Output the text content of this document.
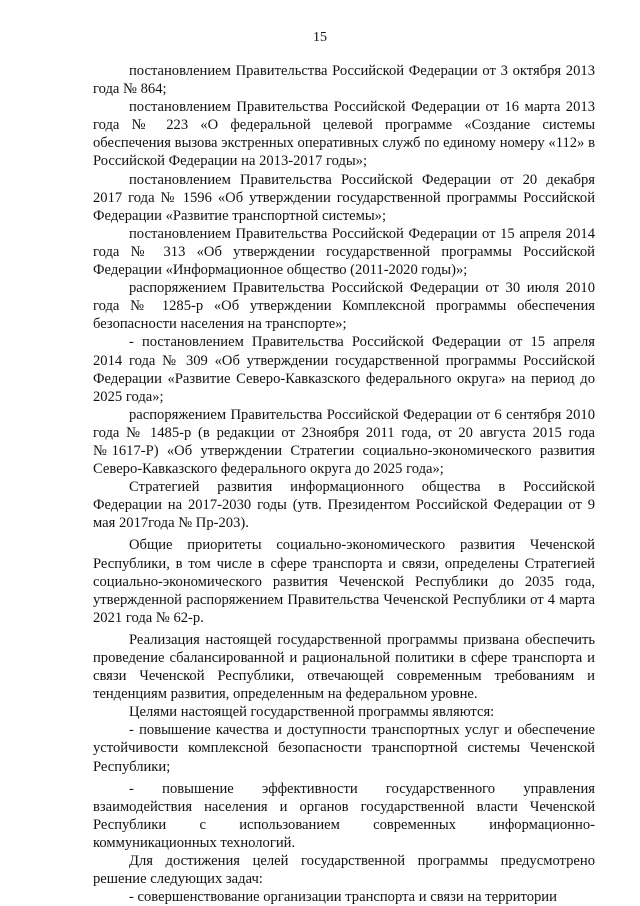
15

постановлением Правительства Российской Федерации от 3 октября 2013 года № 864;

постановлением Правительства Российской Федерации от 16 марта 2013 года № 223 «О федеральной целевой программе «Создание системы обеспечения вызова экстренных оперативных служб по единому номеру «112» в Российской Федерации на 2013-2017 годы»;

постановлением Правительства Российской Федерации от 20 декабря 2017 года № 1596 «Об утверждении государственной программы Российской Федерации «Развитие транспортной системы»;

постановлением Правительства Российской Федерации от 15 апреля 2014 года № 313 «Об утверждении государственной программы Российской Федерации «Информационное общество (2011-2020 годы)»;

распоряжением Правительства Российской Федерации от 30 июля 2010 года № 1285-р «Об утверждении Комплексной программы обеспечения безопасности населения на транспорте»;

- постановлением Правительства Российской Федерации от 15 апреля 2014 года № 309 «Об утверждении государственной программы Российской Федерации «Развитие Северо-Кавказского федерального округа» на период до 2025 года»;

распоряжением Правительства Российской Федерации от 6 сентября 2010 года № 1485-р (в редакции от 23ноября 2011 года, от 20 августа 2015 года №1617-Р) «Об утверждении Стратегии социально-экономического развития Северо-Кавказского федерального округа до 2025 года»;

Стратегией развития информационного общества в Российской Федерации на 2017-2030 годы (утв. Президентом Российской Федерации от 9 мая 2017года № Пр-203).

Общие приоритеты социально-экономического развития Чеченской Республики, в том числе в сфере транспорта и связи, определены Стратегией социально-экономического развития Чеченской Республики до 2035 года, утвержденной распоряжением Правительства Чеченской Республики от 4 марта 2021 года № 62-р.

Реализация настоящей государственной программы призвана обеспечить проведение сбалансированной и рациональной политики в сфере транспорта и связи Чеченской Республики, отвечающей современным требованиям и тенденциям развития, определенным на федеральном уровне.

Целями настоящей государственной программы являются:

- повышение качества и доступности транспортных услуг и обеспечение устойчивости комплексной безопасности транспортной системы Чеченской Республики;

- повышение эффективности государственного управления взаимодействия населения и органов государственной власти Чеченской Республики с использованием современных информационно-коммуникационных технологий.

Для достижения целей государственной программы предусмотрено решение следующих задач:

- совершенствование организации транспорта и связи на территории
